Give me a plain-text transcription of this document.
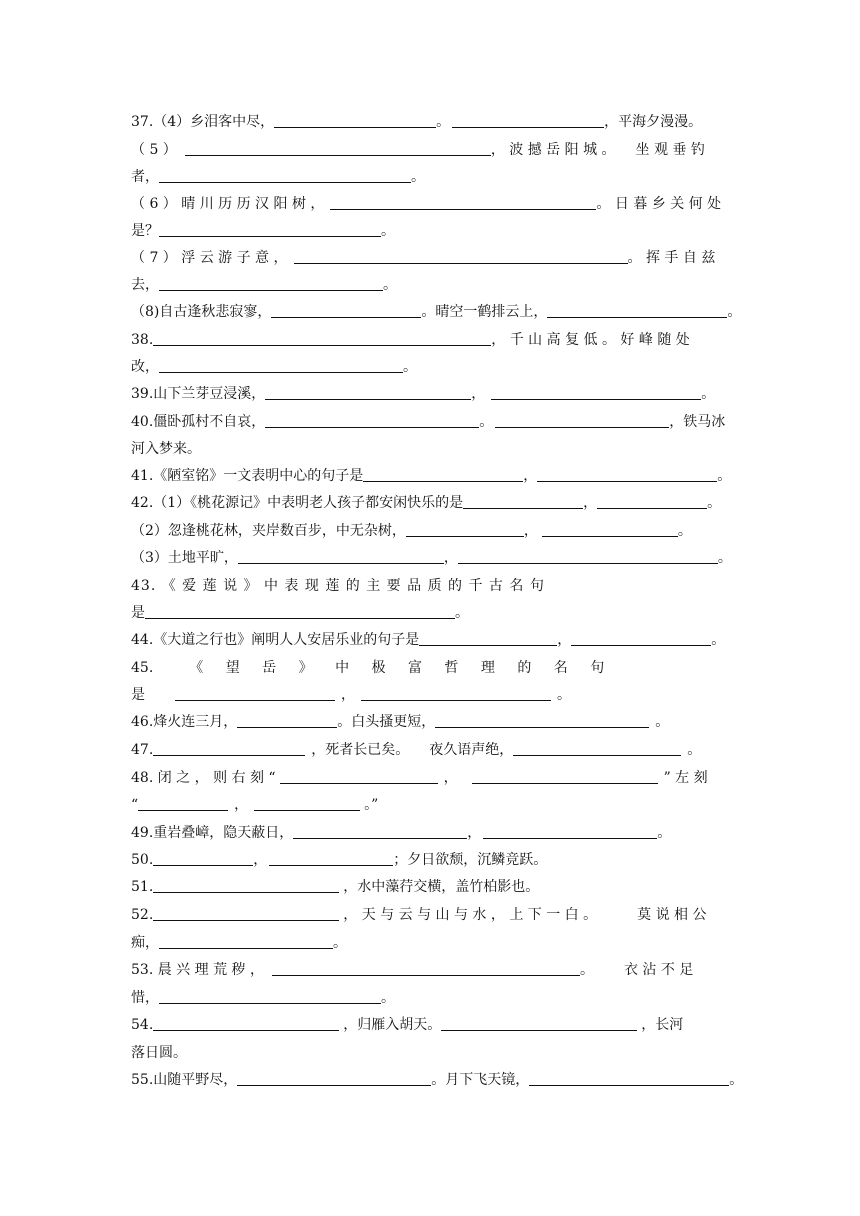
37.（4）乡泪客中尽，	。	，平海夕漫漫。
（ 5 ）	， 波 撼 岳 阳 城 。 坐 观 垂 钓
者，	。
（ 6 ） 晴 川 历 历 汉 阳 树 ，	。 日 暮 乡 关 何 处
是？	。
（ 7 ） 浮 云 游 子 意 ，	。 挥 手 自 兹
去，	。
（8)自古逢秋悲寂寥，	。晴空一鹤排云上，	。
38.	， 千 山 高 复 低 。 好 峰 随 处
改，	。
39.山下兰芽豆浸溪，	，	。
40.僵卧孤村不自哀，	。	，铁马冰
河入梦来。
41.《陋室铭》一文表明中心的句子是	，	。
42.（1）《桃花源记》中表明老人孩子都安闲快乐的是	，	。
（2）忽逢桃花林，夹岸数百步，中无杂树，	，	。
（3）土地平旷，	，	。
43. 《 爱 莲 说 》 中 表 现 莲 的 主 要 品 质 的 千 古 名 句
是	。
44.《大道之行也》阐明人人安居乐业的句子是	，	。
45.	《 望 岳 》 中 极 富 哲 理 的 名 句
是	，	。
46.烽火连三月，	。白头搔更短，	。
47.	，死者长已矣。 夜久语声绝，	。
48. 闭 之 ， 则 右 刻 “	，	” 左 刻
“	，	。”
49.重岩叠嶂，隐天蔽日，	，	。
50.	，	；夕日欲颓，沉鳞竞跃。
51.	，水中藻荇交横，盖竹柏影也。
52.	， 天 与 云 与 山 与 水 ， 上 下 一 白 。	莫 说 相 公
痴，	。
53. 晨 兴 理 荒 秽 ，	。 衣 沾 不 足
惜，	。
54.	，归雁入胡天。	，长河
落日圆。
55.山随平野尽，	。月下飞天镜，	。
